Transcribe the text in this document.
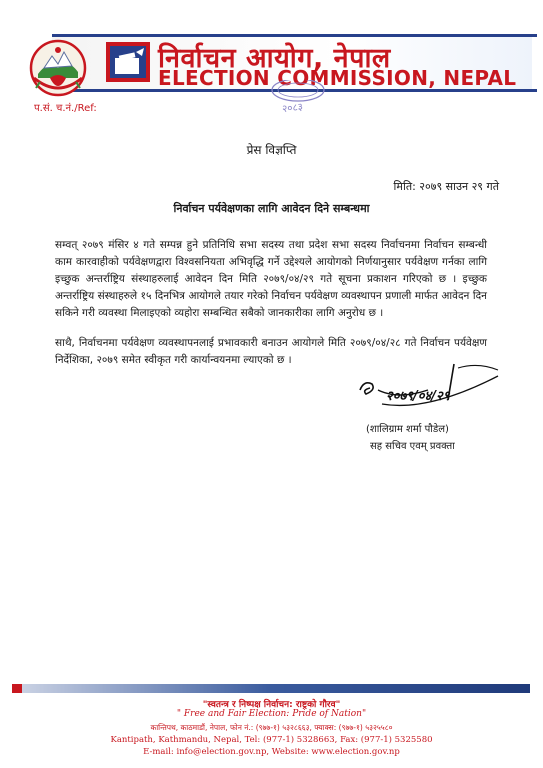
निर्वाचन आयोग, नेपाल
ELECTION COMMISSION, NEPAL
२०८३
प.सं. च.नं./Ref:
प्रेस विज्ञप्ति
मिति: २०७९ साउन २९ गते
निर्वाचन पर्यवेक्षणका लागि आवेदन दिने सम्बन्धमा
सम्वत् २०७९ मंसिर ४ गते सम्पन्न हुने प्रतिनिधि सभा सदस्य तथा प्रदेश सभा सदस्य निर्वाचनमा निर्वाचन सम्बन्धी काम कारवाहीको पर्यवेक्षणद्वारा विश्वसनियता अभिवृद्धि गर्ने उद्देश्यले आयोगको निर्णयानुसार पर्यवेक्षण गर्नका लागि इच्छुक अन्तर्राष्ट्रिय संस्थाहरुलाई आवेदन दिन मिति २०७९/०४/२९ गते सूचना प्रकाशन गरिएको छ । इच्छुक अन्तर्राष्ट्रिय संस्थाहरुले १५ दिनभित्र आयोगले तयार गरेको निर्वाचन पर्यवेक्षण व्यवस्थापन प्रणाली मार्फत आवेदन दिन सकिने गरी व्यवस्था मिलाइएको व्यहोरा सम्बन्धित सबैको जानकारीका लागि अनुरोध छ ।
साथै, निर्वाचनमा पर्यवेक्षण व्यवस्थापनलाई प्रभावकारी बनाउन आयोगले मिति २०७९/०४/२८ गते निर्वाचन पर्यवेक्षण निर्देशिका, २०७९ समेत स्वीकृत गरी कार्यान्वयनमा ल्याएको छ ।
२०७९/०४/२९
(शालिग्राम शर्मा पौडेल)
सह सचिव एवम् प्रवक्ता
"स्वतन्त्र र निष्पक्ष निर्वाचन: राष्ट्रको गौरव"
" Free and Fair Election: Pride of Nation"
कान्तिपथ, काठमाडौं, नेपाल, फोन नं.: (९७७-१) ५३२८६६३, फ्याक्स: (९७७-१) ५३२५५८०
Kantipath, Kathmandu, Nepal, Tel: (977-1) 5328663, Fax: (977-1) 5325580
E-mail: info@election.gov.np, Website: www.election.gov.np
